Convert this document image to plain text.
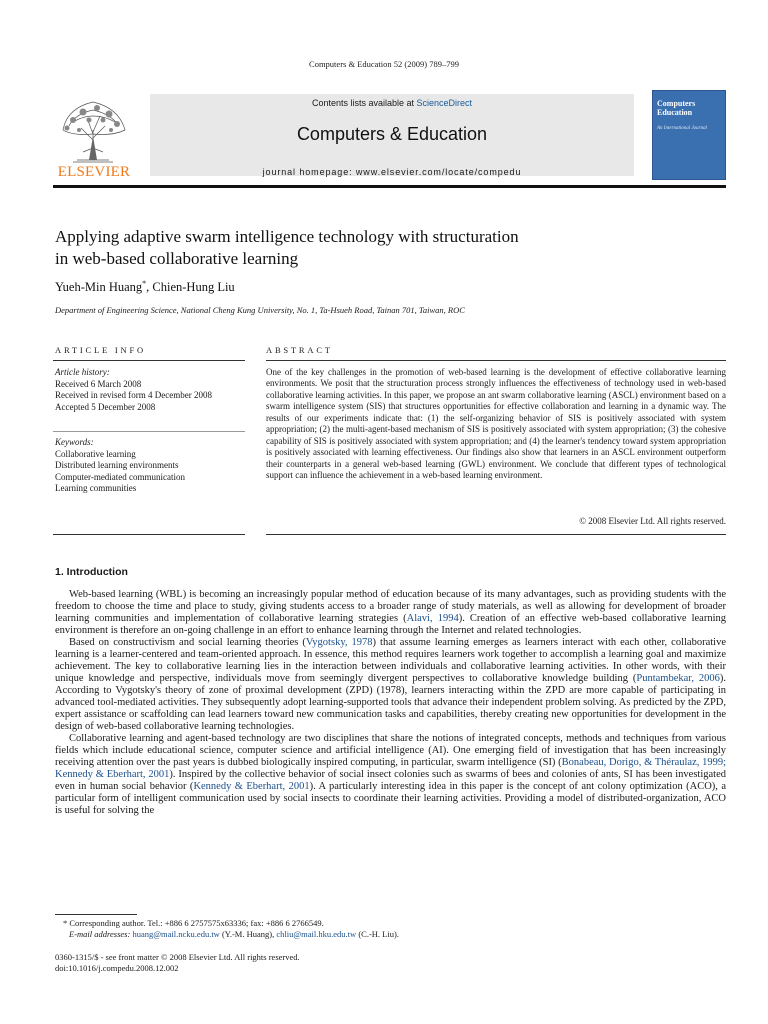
Computers & Education 52 (2009) 789–799
ELSEVIER
Contents lists available at ScienceDirect
Computers & Education
journal homepage: www.elsevier.com/locate/compedu
Computers Education
An International Journal
Applying adaptive swarm intelligence technology with structuration
in web-based collaborative learning
Yueh-Min Huang*, Chien-Hung Liu
Department of Engineering Science, National Cheng Kung University, No. 1, Ta-Hsueh Road, Tainan 701, Taiwan, ROC
ARTICLE INFO	ABSTRACT
Article history:
Received 6 March 2008
Received in revised form 4 December 2008
Accepted 5 December 2008
Keywords:
Collaborative learning
Distributed learning environments
Computer-mediated communication
Learning communities
One of the key challenges in the promotion of web-based learning is the development of effective collaborative learning environments. We posit that the structuration process strongly influences the effectiveness of technology used in web-based collaborative learning activities. In this paper, we propose an ant swarm collaborative learning (ASCL) environment based on a swarm intelligence system (SIS) that structures opportunities for effective collaboration and learning in a dynamic way. The results of our experiments indicate that: (1) the self-organizing behavior of SIS is positively associated with system appropriation; (2) the multi-agent-based mechanism of SIS is positively associated with system appropriation; (3) the cohesive capability of SIS is positively associated with system appropriation; and (4) the learner's tendency toward system appropriation is positively associated with learning effectiveness. Our findings also show that learners in an ASCL environment outperform their counterparts in a general web-based learning (GWL) environment. We conclude that different types of technological support can influence the achievement in a web-based learning environment.
© 2008 Elsevier Ltd. All rights reserved.
1. Introduction

Web-based learning (WBL) is becoming an increasingly popular method of education because of its many advantages, such as providing students with the freedom to choose the time and place to study, giving students access to a broader range of study materials, as well as allowing for development of broader learning communities and implementation of collaborative learning strategies (Alavi, 1994). Creation of an effective web-based collaborative learning environment is therefore an on-going challenge in an effort to enhance learning through the Internet and related technologies.

Based on constructivism and social learning theories (Vygotsky, 1978) that assume learning emerges as learners interact with each other, collaborative learning is a learner-centered and team-oriented approach. In essence, this method requires learners work together to accomplish a learning goal and maximize achievement. The key to collaborative learning lies in the interaction between individuals and collaborative learning activities. In other words, with their unique knowledge and perspective, individuals move from seemingly divergent perspectives to collaborative knowledge building (Puntambekar, 2006). According to Vygotsky's theory of zone of proximal development (ZPD) (1978), learners interacting within the ZPD are more capable of participating in advanced tool-mediated activities. They subsequently adopt learning-supported tools that advance their independent problem solving. As predicted by the ZPD, expert assistance or scaffolding can lead learners toward new communication tasks and capabilities, thereby creating new opportunities for development in the design of web-based collaborative learning technologies.

Collaborative learning and agent-based technology are two disciplines that share the notions of integrated concepts, methods and techniques from various fields which include educational science, computer science and artificial intelligence (AI). One emerging field of investigation that has been increasingly receiving attention over the past years is dubbed biologically inspired computing, in particular, swarm intelligence (SI) (Bonabeau, Dorigo, & Théraulaz, 1999; Kennedy & Eberhart, 2001). Inspired by the collective behavior of social insect colonies such as swarms of bees and colonies of ants, SI has been investigated even in human social behavior (Kennedy & Eberhart, 2001). A particularly interesting idea in this paper is the concept of ant colony optimization (ACO), a particular form of intelligent communication used by social insects to coordinate their learning activities. Providing a model of distributed-organization, ACO is useful for solving the

* Corresponding author. Tel.: +886 6 2757575x63336; fax: +886 6 2766549.
E-mail addresses: huang@mail.ncku.edu.tw (Y.-M. Huang), chliu@mail.hku.edu.tw (C.-H. Liu).
0360-1315/$ - see front matter © 2008 Elsevier Ltd. All rights reserved.
doi:10.1016/j.compedu.2008.12.002
